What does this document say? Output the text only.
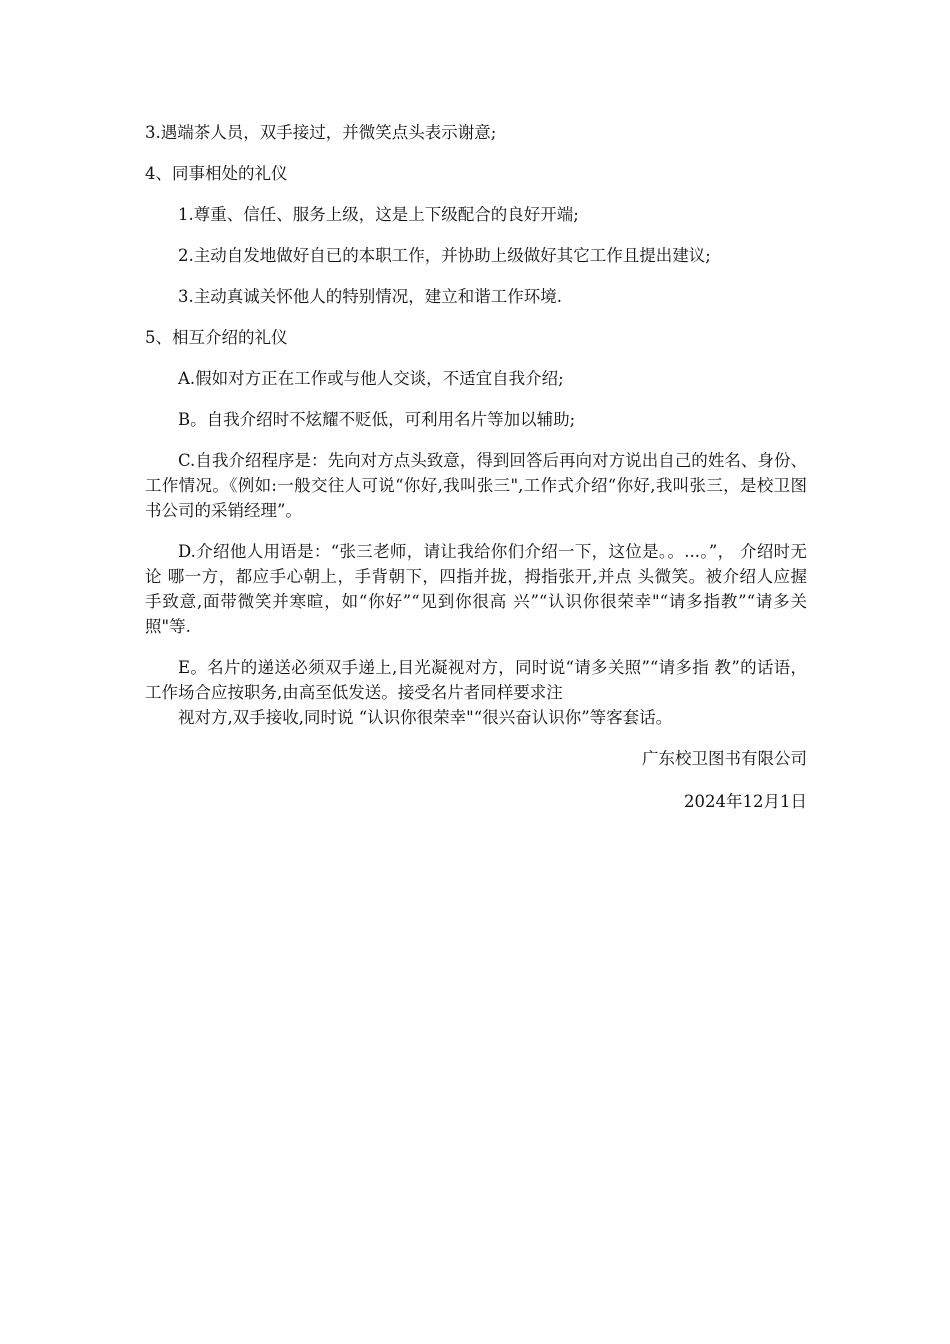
3.遇端茶人员，双手接过，并微笑点头表示谢意;

4、同事相处的礼仪

1.尊重、信任、服务上级，这是上下级配合的良好开端;

2.主动自发地做好自已的本职工作，并协助上级做好其它工作且提出建议;

3.主动真诚关怀他人的特别情况，建立和谐工作环境.

5、相互介绍的礼仪

A.假如对方正在工作或与他人交谈，不适宜自我介绍;

B。自我介绍时不炫耀不贬低，可利用名片等加以辅助;

C.自我介绍程序是：先向对方点头致意，得到回答后再向对方说出自己的姓名、身份、工作情况。《例如:一般交往人可说“你好,我叫张三",工作式介绍“你好,我叫张三，是校卫图书公司的采销经理”。

D.介绍他人用语是：“张三老师，请让我给你们介绍一下，这位是。。...。”， 介绍时无论 哪一方，都应手心朝上，手背朝下，四指并拢，拇指张开,并点 头微笑。被介绍人应握 手致意,面带微笑并寒暄，如“你好”“见到你很高 兴”“认识你很荣幸"“请多指教”“请多关照"等.

E。名片的递送必须双手递上,目光凝视对方，同时说“请多关照”“请多指 教”的话语， 工作场合应按职务,由高至低发送。接受名片者同样要求注
视对方,双手接收,同时说 “认识你很荣幸"“很兴奋认识你”等客套话。

广东校卫图书有限公司

2024年12月1日
